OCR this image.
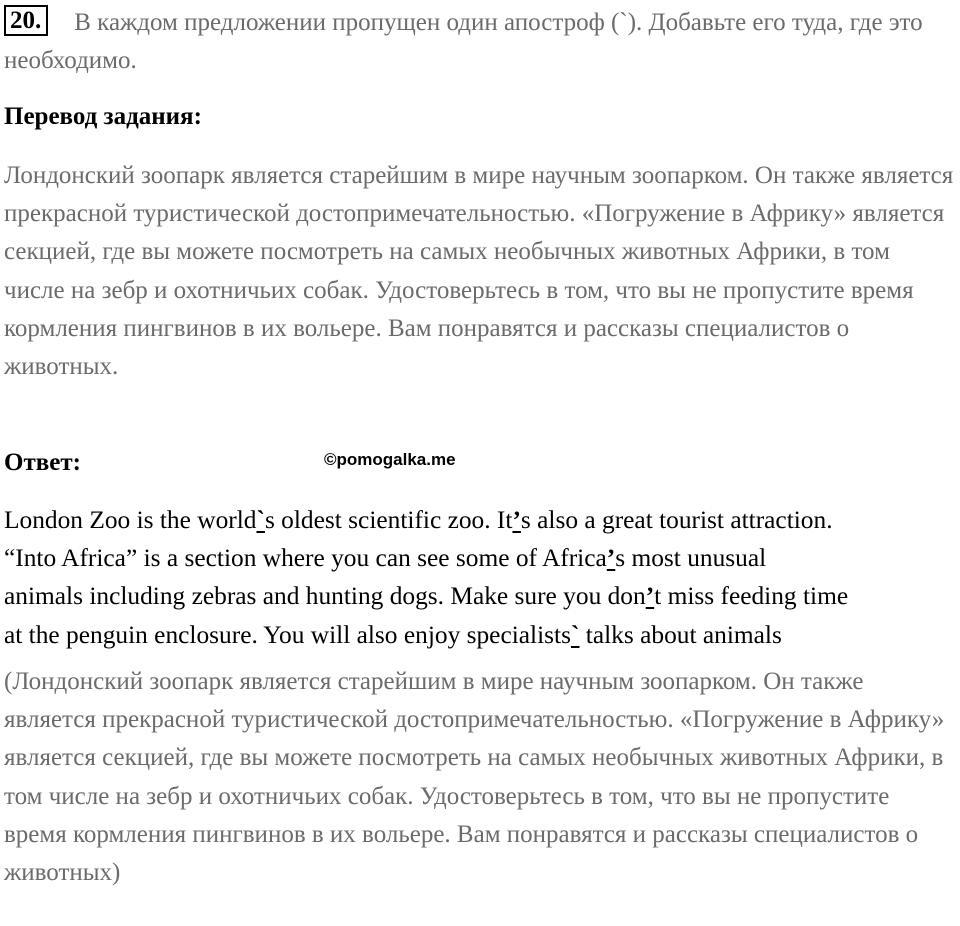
20. В каждом предложении пропущен один апостроф (`). Добавьте его туда, где это необходимо.
Перевод задания:

Лондонский зоопарк является старейшим в мире научным зоопарком. Он также является прекрасной туристической достопримечательностью. «Погружение в Африку» является секцией, где вы можете посмотреть на самых необычных животных Африки, в том числе на зебр и охотничьих собак. Удостоверьтесь в том, что вы не пропустите время кормления пингвинов в их вольере. Вам понравятся и рассказы специалистов о животных.

Ответ:	©pomogalka.me
London Zoo is the world`s oldest scientific zoo. It’s also a great tourist attraction.
“Into Africa” is a section where you can see some of Africa’s most unusual
animals including zebras and hunting dogs. Make sure you don’t miss feeding time
at the penguin enclosure. You will also enjoy specialists` talks about animals

(Лондонский зоопарк является старейшим в мире научным зоопарком. Он также является прекрасной туристической достопримечательностью. «Погружение в Африку» является секцией, где вы можете посмотреть на самых необычных животных Африки, в том числе на зебр и охотничьих собак. Удостоверьтесь в том, что вы не пропустите время кормления пингвинов в их вольере. Вам понравятся и рассказы специалистов о животных)
